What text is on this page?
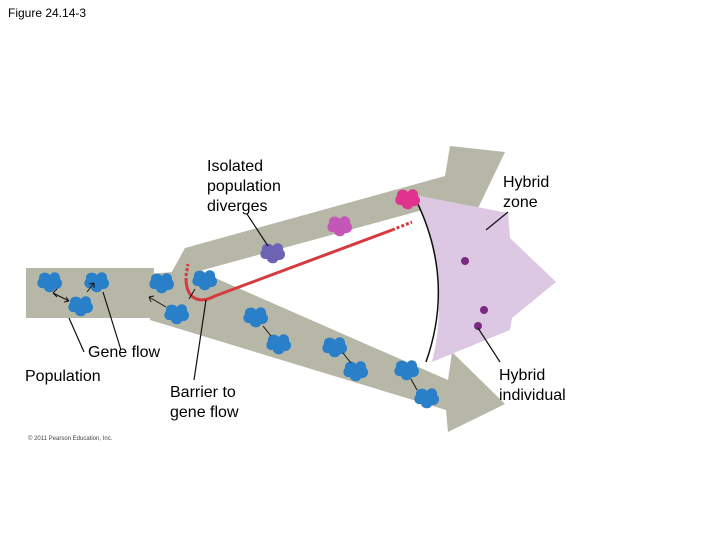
Figure 24.14-3
Isolated
population
diverges
Hybrid
zone
Gene flow
Population
Barrier to
gene flow
Hybrid
individual
© 2011 Pearson Education, Inc.
